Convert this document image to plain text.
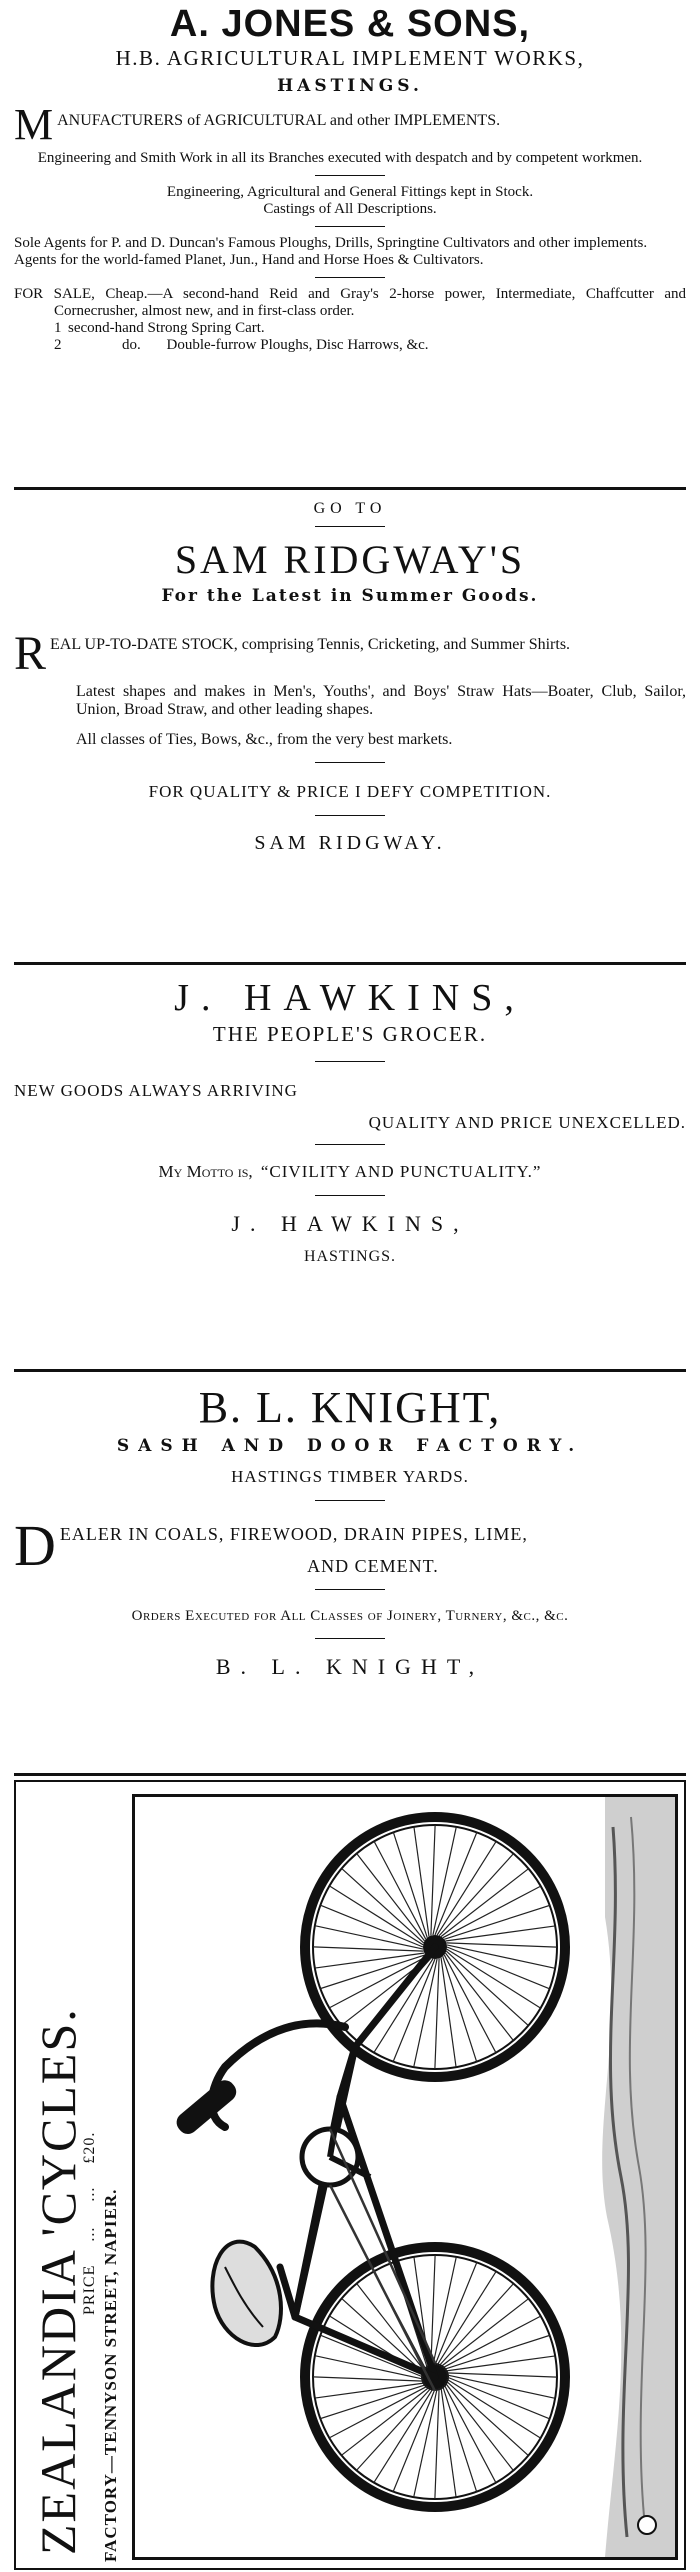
A. JONES & SONS,
H.B. AGRICULTURAL IMPLEMENT WORKS,
HASTINGS.
M ANUFACTURERS of AGRICULTURAL and other IMPLEMENTS.

Engineering and Smith Work in all its Branches executed with despatch and by competent workmen.

Engineering, Agricultural and General Fittings kept in Stock.

Castings of All Descriptions.

Sole Agents for P. and D. Duncan's Famous Ploughs, Drills, Springtine Cultivators and other implements.

Agents for the world-famed Planet, Jun., Hand and Horse Hoes & Cultivators.

FOR SALE, Cheap.—A second-hand Reid and Gray's 2-horse power, Intermediate, Chaffcutter and Cornecrusher, almost new, and in first-class order.

1 second-hand Strong Spring Cart.
2	do. Double-furrow Ploughs, Disc Harrows, &c.
GO TO
SAM RIDGWAY'S
For the Latest in Summer Goods.
R EAL UP-TO-DATE STOCK, comprising Tennis, Cricketing, and Summer Shirts.

Latest shapes and makes in Men's, Youths', and Boys' Straw Hats—Boater, Club, Sailor, Union, Broad Straw, and other leading shapes.

All classes of Ties, Bows, &c., from the very best markets.

FOR QUALITY & PRICE I DEFY COMPETITION.
SAM RIDGWAY.
J. HAWKINS,
THE PEOPLE'S GROCER.
NEW GOODS ALWAYS ARRIVING
QUALITY AND PRICE UNEXCELLED.
My Motto is, “CIVILITY AND PUNCTUALITY.”
J. HAWKINS,
HASTINGS.
B. L. KNIGHT,
SASH AND DOOR FACTORY.
HASTINGS TIMBER YARDS.
D EALER IN COALS, FIREWOOD, DRAIN PIPES, LIME,
AND CEMENT.
Orders Executed for All Classes of Joinery, Turnery, &c., &c.
B. L. KNIGHT,
ZEALANDIA 'CYCLES.
PRICE ...     ... £20.
FACTORY—TENNYSON STREET, NAPIER.
